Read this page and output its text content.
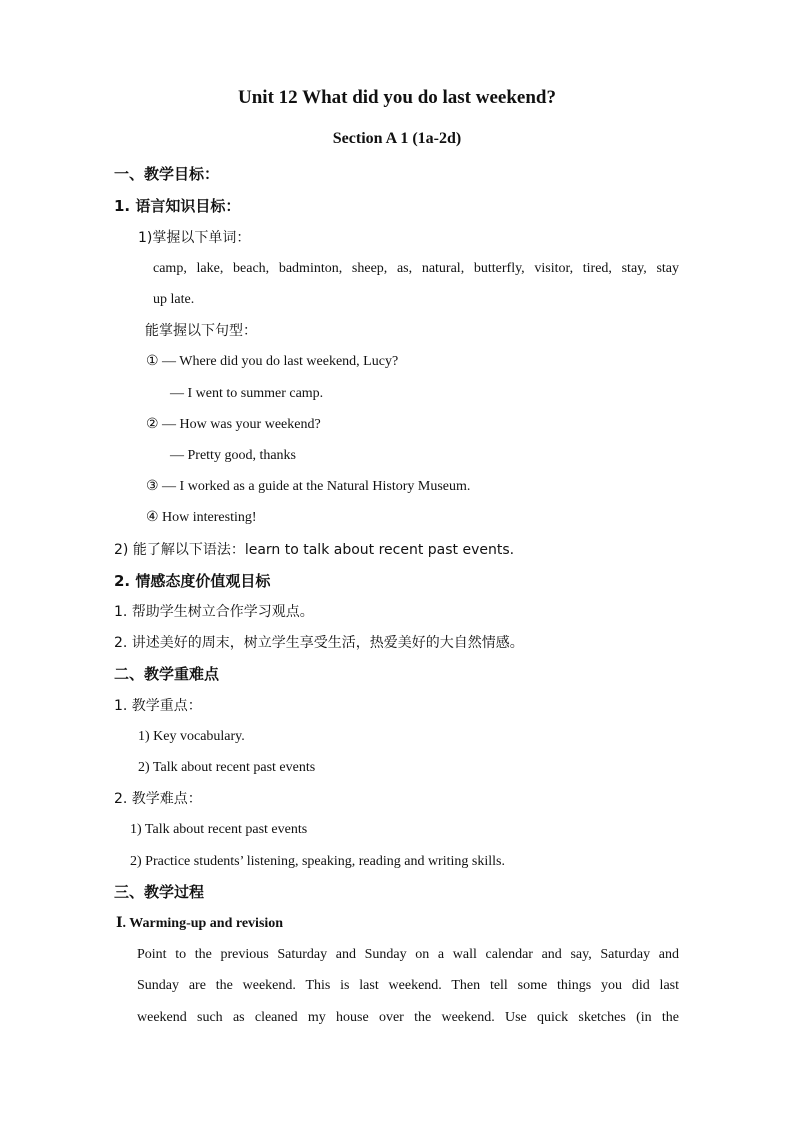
Unit 12 What did you do last weekend?
Section A 1 (1a-2d)
一、教学目标：
1. 语言知识目标：
1)掌握以下单词：
camp, lake, beach, badminton, sheep, as, natural, butterfly, visitor, tired, stay, stay
up late.
能掌握以下句型：
① — Where did you do last weekend, Lucy?
— I went to summer camp.
② — How was your weekend?
— Pretty good, thanks
③ — I worked as a guide at the Natural History Museum.
④ How interesting!
2) 能了解以下语法：learn to talk about recent past events.
2. 情感态度价值观目标
1. 帮助学生树立合作学习观点。
2. 讲述美好的周末，树立学生享受生活，热爱美好的大自然情感。
二、教学重难点
1. 教学重点：
1) Key vocabulary.
2) Talk about recent past events
2. 教学难点：
1) Talk about recent past events
2) Practice students’ listening, speaking, reading and writing skills.
三、教学过程
Ⅰ. Warming-up and revision
Point to the previous Saturday and Sunday on a wall calendar and say, Saturday and
Sunday are the weekend. This is last weekend. Then tell some things you did last
weekend such as cleaned my house over the weekend. Use quick sketches (in the
